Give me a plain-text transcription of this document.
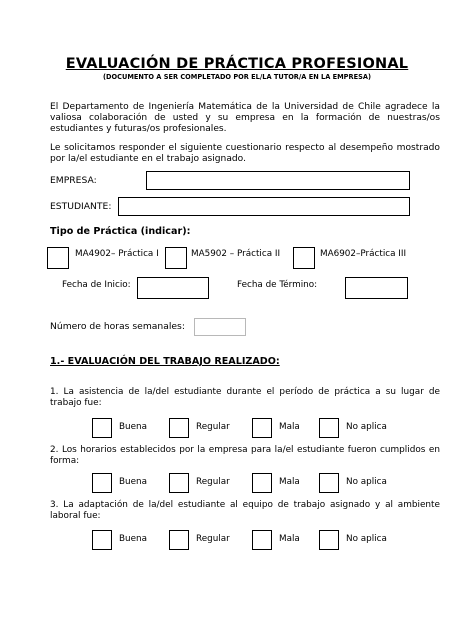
EVALUACIÓN DE PRÁCTICA PROFESIONAL
(DOCUMENTO A SER COMPLETADO POR EL/LA TUTOR/A EN LA EMPRESA)
El Departamento de Ingeniería Matemática de la Universidad de Chile agradece la valiosa colaboración de usted y su empresa en la formación de nuestras/os estudiantes y futuras/os profesionales.
Le solicitamos responder el siguiente cuestionario respecto al desempeño mostrado por la/el estudiante en el trabajo asignado.
EMPRESA:
ESTUDIANTE:
Tipo de Práctica (indicar):
MA4902– Práctica I	MA5902 – Práctica II	MA6902–Práctica III
Fecha de Inicio:	Fecha de Término:
Número de horas semanales:
1.- EVALUACIÓN DEL TRABAJO REALIZADO:
1. La asistencia de la/del estudiante durante el período de práctica a su lugar de trabajo fue:
Buena	Regular	Mala	No aplica
2. Los horarios establecidos por la empresa para la/el estudiante fueron cumplidos en forma:
Buena	Regular	Mala	No aplica
3. La adaptación de la/del estudiante al equipo de trabajo asignado y al ambiente laboral fue:
Buena	Regular	Mala	No aplica
